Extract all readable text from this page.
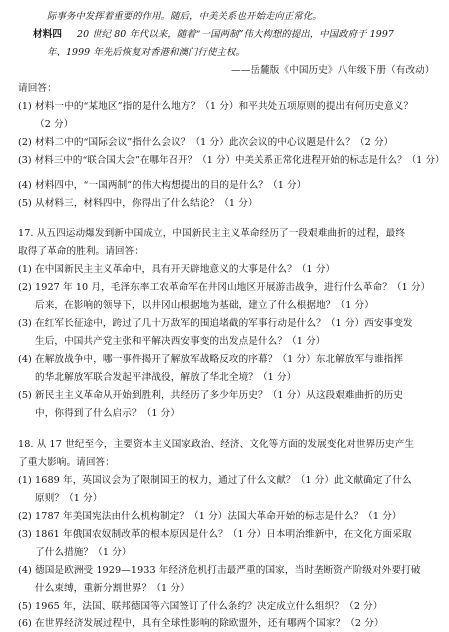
际事务中发挥着重要的作用。随后，中美关系也开始走向正常化。
材料四 20 世纪 80 年代以来，随着“一国两制”伟大构想的提出，中国政府于 1997
年、1999 年先后恢复对香港和澳门行使主权。
——岳麓版《中国历史》八年级下册（有改动）
请回答：
(1) 材料一中的“某地区”指的是什么地方？（1 分）和平共处五项原则的提出有何历史意义？
（2 分）
(2) 材料二中的“国际会议”指什么会议？（1 分）此次会议的中心议题是什么？（2 分）
(3) 材料三中的“联合国大会”在哪年召开？（1 分）中美关系正常化进程开始的标志是什么？（1 分）
(4) 材料四中，“一国两制”的伟大构想提出的目的是什么？（1 分）
(5) 从材料三，材料四中，你得出了什么结论？（1 分）
17. 从五四运动爆发到新中国成立，中国新民主主义革命经历了一段艰难曲折的过程，最终
取得了革命的胜利。请回答：
(1) 在中国新民主主义革命中，具有开天辟地意义的大事是什么？（1 分）
(2) 1927 年 10 月，毛泽东率工农革命军在井冈山地区开展游击战争，进行什么革命？（1 分）
后来，在影响的领导下，以井冈山根据地为基础，建立了什么根据地？（1 分）
(3) 在红军长征途中，跨过了几十万敌军的围追堵截的军事行动是什么？（1 分）西安事变发
生后，中国共产党主张和平解决西安事变的出发点是什么？（1 分）
(4) 在解放战争中，哪一事件揭开了解放军战略反攻的序幕？（1 分）东北解放军与谁指挥
的华北解放军联合发起平津战役，解放了华北全境？（1 分）
(5) 新民主主义革命从开始到胜利，共经历了多少年历史？（1 分）从这段艰难曲折的历史
中，你得到了什么启示？（1 分）
18. 从 17 世纪至今，主要资本主义国家政治、经济、文化等方面的发展变化对世界历史产生
了重大影响。请回答：
(1) 1689 年，英国议会为了限制国王的权力，通过了什么文献？（1 分）此文献确定了什么
原则？（1 分）
(2) 1787 年美国宪法由什么机构制定？（1 分）法国大革命开始的标志是什么？（1 分）
(3) 1861 年俄国农奴制改革的根本原因是什么？（1 分）日本明治维新中，在文化方面采取
了什么措施？（1 分）
(4) 德国是欧洲受 1929—1933 年经济危机打击最严重的国家，当时垄断资产阶级对外要打破
什么束缚，重新分割世界？（1 分）
(5) 1965 年，法国、联邦德国等六国签订了什么条约？决定成立什么组织？（2 分）
(6) 在世界经济发展过程中，具有全球性影响的除欧盟外，还有哪两个国家？（2 分）
